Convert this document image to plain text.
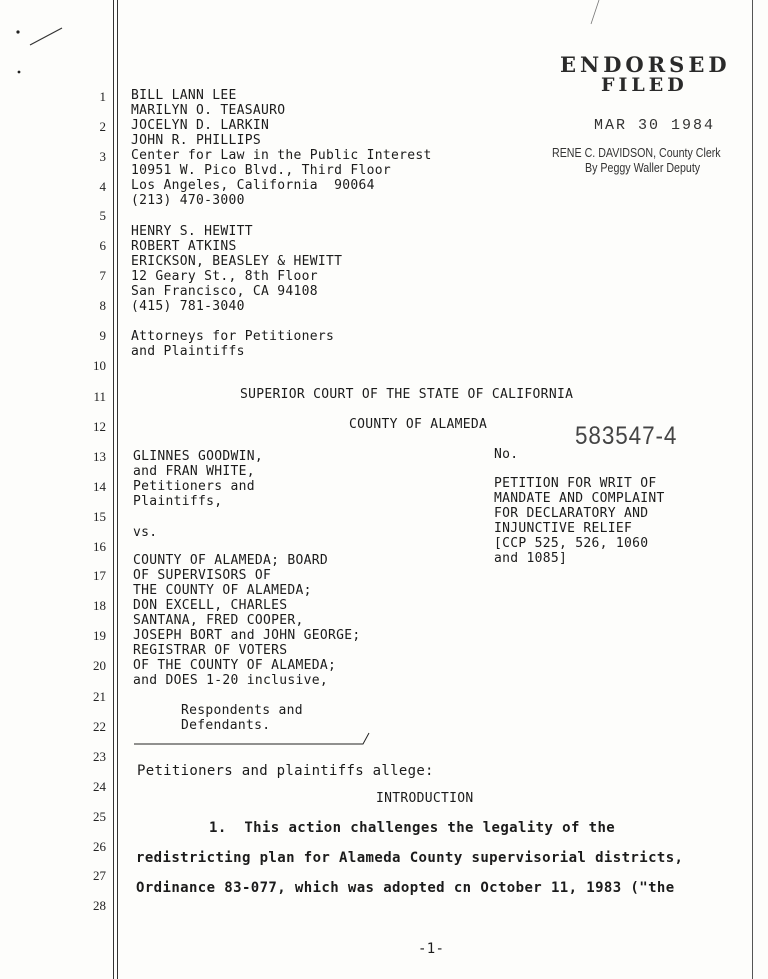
1
2
3
4
5
6
7
8
9
10
11
12
13
14
15
16
17
18
19
20
21
22
23
24
25
26
27
28
ENDORSED
FILED
MAR 30 1984
RENE C. DAVIDSON, County Clerk
By Peggy Waller Deputy
BILL LANN LEE
MARILYN O. TEASAURO
JOCELYN D. LARKIN
JOHN R. PHILLIPS
Center for Law in the Public Interest
10951 W. Pico Blvd., Third Floor
Los Angeles, California  90064
(213) 470-3000
HENRY S. HEWITT
ROBERT ATKINS
ERICKSON, BEASLEY & HEWITT
12 Geary St., 8th Floor
San Francisco, CA 94108
(415) 781-3040
Attorneys for Petitioners
and Plaintiffs
SUPERIOR COURT OF THE STATE OF CALIFORNIA
COUNTY OF ALAMEDA	583547-4
GLINNES GOODWIN,
and FRAN WHITE,
Petitioners and
Plaintiffs,
No.
PETITION FOR WRIT OF
MANDATE AND COMPLAINT
FOR DECLARATORY AND
INJUNCTIVE RELIEF
[CCP 525, 526, 1060
and 1085]
vs.
COUNTY OF ALAMEDA; BOARD
OF SUPERVISORS OF
THE COUNTY OF ALAMEDA;
DON EXCELL, CHARLES
SANTANA, FRED COOPER,
JOSEPH BORT and JOHN GEORGE;
REGISTRAR OF VOTERS
OF THE COUNTY OF ALAMEDA;
and DOES 1-20 inclusive,
Respondents and
Defendants.
Petitioners and plaintiffs allege:
INTRODUCTION
1.  This action challenges the legality of the
redistricting plan for Alameda County supervisorial districts,
Ordinance 83-077, which was adopted cn October 11, 1983 ("the
-1-
